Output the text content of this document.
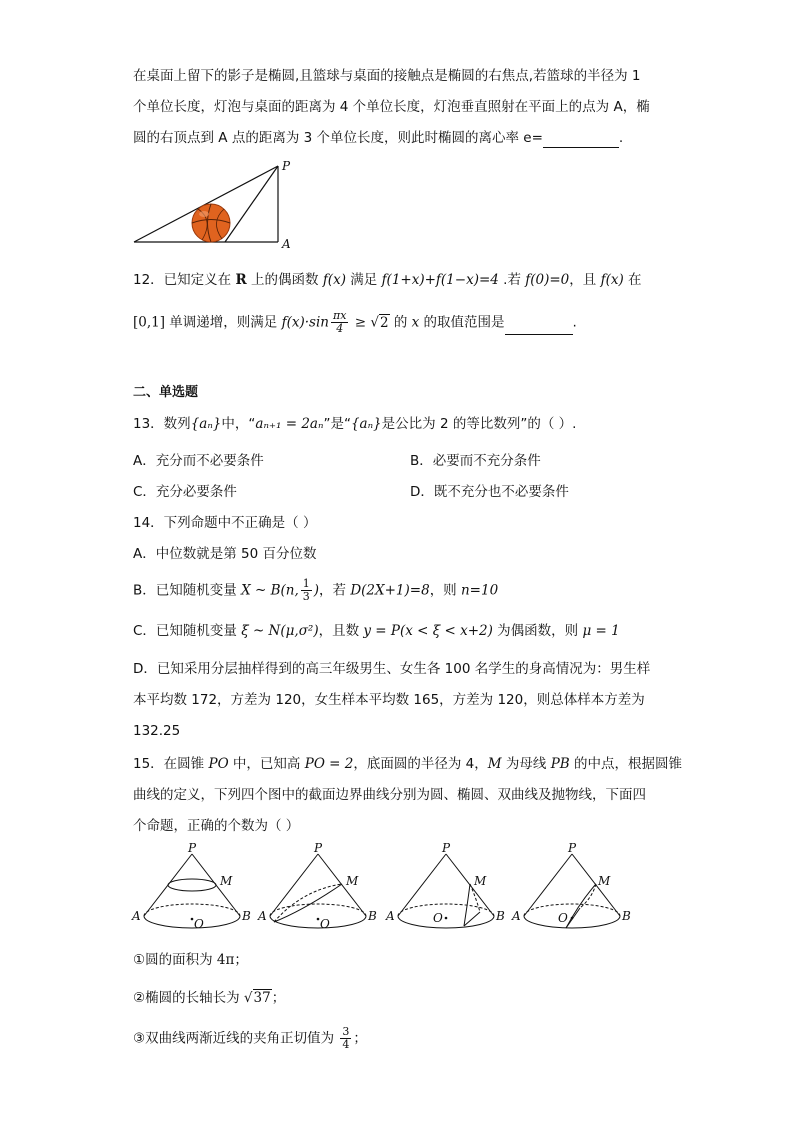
在桌面上留下的影子是椭圆,且篮球与桌面的接触点是椭圆的右焦点,若篮球的半径为 1
个单位长度，灯泡与桌面的距离为 4 个单位长度，灯泡垂直照射在平面上的点为 A，椭
圆的右顶点到 A 点的距离为 3 个单位长度，则此时椭圆的离心率 e=	.
P
A
12．已知定义在 R 上的偶函数 f(x) 满足 f(1+x)+f(1−x)=4 .若 f(0)=0，且 f(x) 在
[0,1] 单调递增，则满足 $f(x)\cdot\sin \frac{\pi x}{4} \ge √2$ 的 x 的取值范围是	.
二、单选题
13．数列{aₙ}中，“aₙ₊₁ = 2aₙ”是“{aₙ}是公比为 2 的等比数列”的（ ）.
A．充分而不必要条件	B．必要而不充分条件
C．充分必要条件	D．既不充分也不必要条件
14．下列命题中不正确是（ ）
A．中位数就是第 50 百分位数
B．已知随机变量 X ~ B(n, $\frac{1}{3}$ )，若 D(2X+1)=8，则 n=10
C．已知随机变量 ξ ~ N(μ,σ²)，且数 y = P(x < ξ < x+2) 为偶函数，则 μ = 1
D．已知采用分层抽样得到的高三年级男生、女生各 100 名学生的身高情况为：男生样
本平均数 172，方差为 120，女生样本平均数 165，方差为 120，则总体样本方差为
132.25
15．在圆锥 PO 中，已知高 PO = 2，底面圆的半径为 4，M 为母线 PB 的中点，根据圆锥
曲线的定义，下列四个图中的截面边界曲线分别为圆、椭圆、双曲线及抛物线，下面四
个命题，正确的个数为（ ）
P
M
A	B
O
P
M
A	B
O
P
M
A	B
O
P
M
A	B
O
①圆的面积为 4π；
②椭圆的长轴长为 √37；
③双曲线两渐近线的夹角正切值为 $\frac{3}{4}$ ；
